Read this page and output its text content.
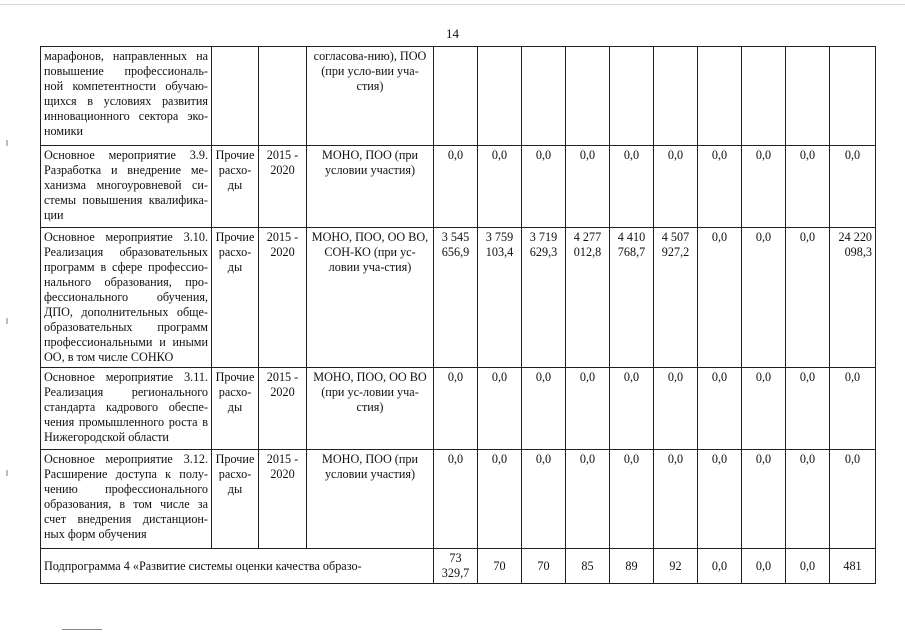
14
марафонов, направленных на повышение профессиональ-ной компетентности обучаю-щихся в условиях развития инновационного сектора эко-номики			согласова-нию), ПОО (при усло-вии уча-стия)										
Основное мероприятие 3.9. Разработка и внедрение ме-ханизма многоуровневой си-стемы повышения квалифика-ции	Прочие расхо-ды	2015 - 2020	МОНО, ПОО (при условии участия)	0,0	0,0	0,0	0,0	0,0	0,0	0,0	0,0	0,0	0,0
Основное мероприятие 3.10. Реализация образовательных программ в сфере профессио-нального образования, про-фессионального обучения, ДПО, дополнительных обще-образовательных программ профессиональными и иными ОО, в том числе СОНКО	Прочие расхо-ды	2015 - 2020	МОНО, ПОО, ОО ВО, СОН-КО (при ус-ловии уча-стия)	3 545 656,9	3 759 103,4	3 719 629,3	4 277 012,8	4 410 768,7	4 507 927,2	0,0	0,0	0,0	24 220 098,3
Основное мероприятие 3.11. Реализация регионального стандарта кадрового обеспе-чения промышленного роста в Нижегородской области	Прочие расхо-ды	2015 - 2020	МОНО, ПОО, ОО ВО (при ус-ловии уча-стия)	0,0	0,0	0,0	0,0	0,0	0,0	0,0	0,0	0,0	0,0
Основное мероприятие 3.12. Расширение доступа к полу-чению профессионального образования, в том числе за счет внедрения дистанцион-ных форм обучения	Прочие расхо-ды	2015 - 2020	МОНО, ПОО (при условии участия)	0,0	0,0	0,0	0,0	0,0	0,0	0,0	0,0	0,0	0,0
Подпрограмма 4 «Развитие системы оценки качества образо-				73 329,7	70	70	85	89	92	0,0	0,0	0,0	481
